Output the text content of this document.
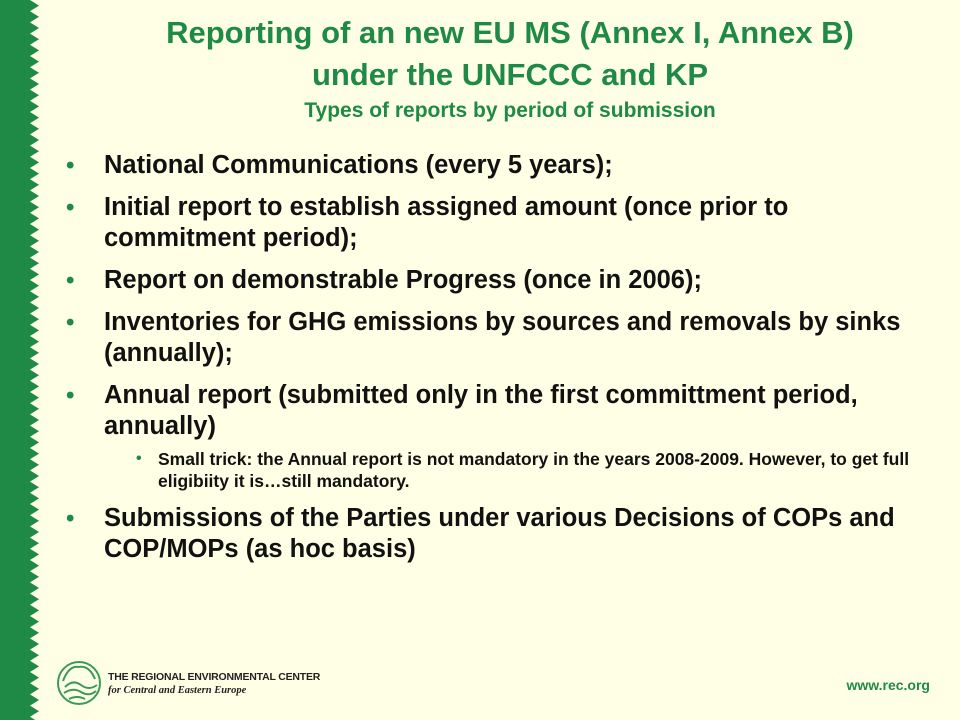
Reporting of an new EU MS (Annex I, Annex B)
under the UNFCCC and KP
Types of reports by period of submission
• National Communications (every 5 years);
• Initial report to establish assigned amount (once prior to commitment period);
• Report on demonstrable Progress (once in 2006);
• Inventories for GHG emissions by sources and removals by sinks (annually);
• Annual report (submitted only in the first committment period, annually)
• Small trick: the Annual report is not mandatory in the years 2008-2009. However, to get full eligibiity it is…still mandatory.
• Submissions of the Parties under various Decisions of COPs and COP/MOPs (as hoc basis)
THE REGIONAL ENVIRONMENTAL CENTER
for Central and Eastern Europe	www.rec.org
